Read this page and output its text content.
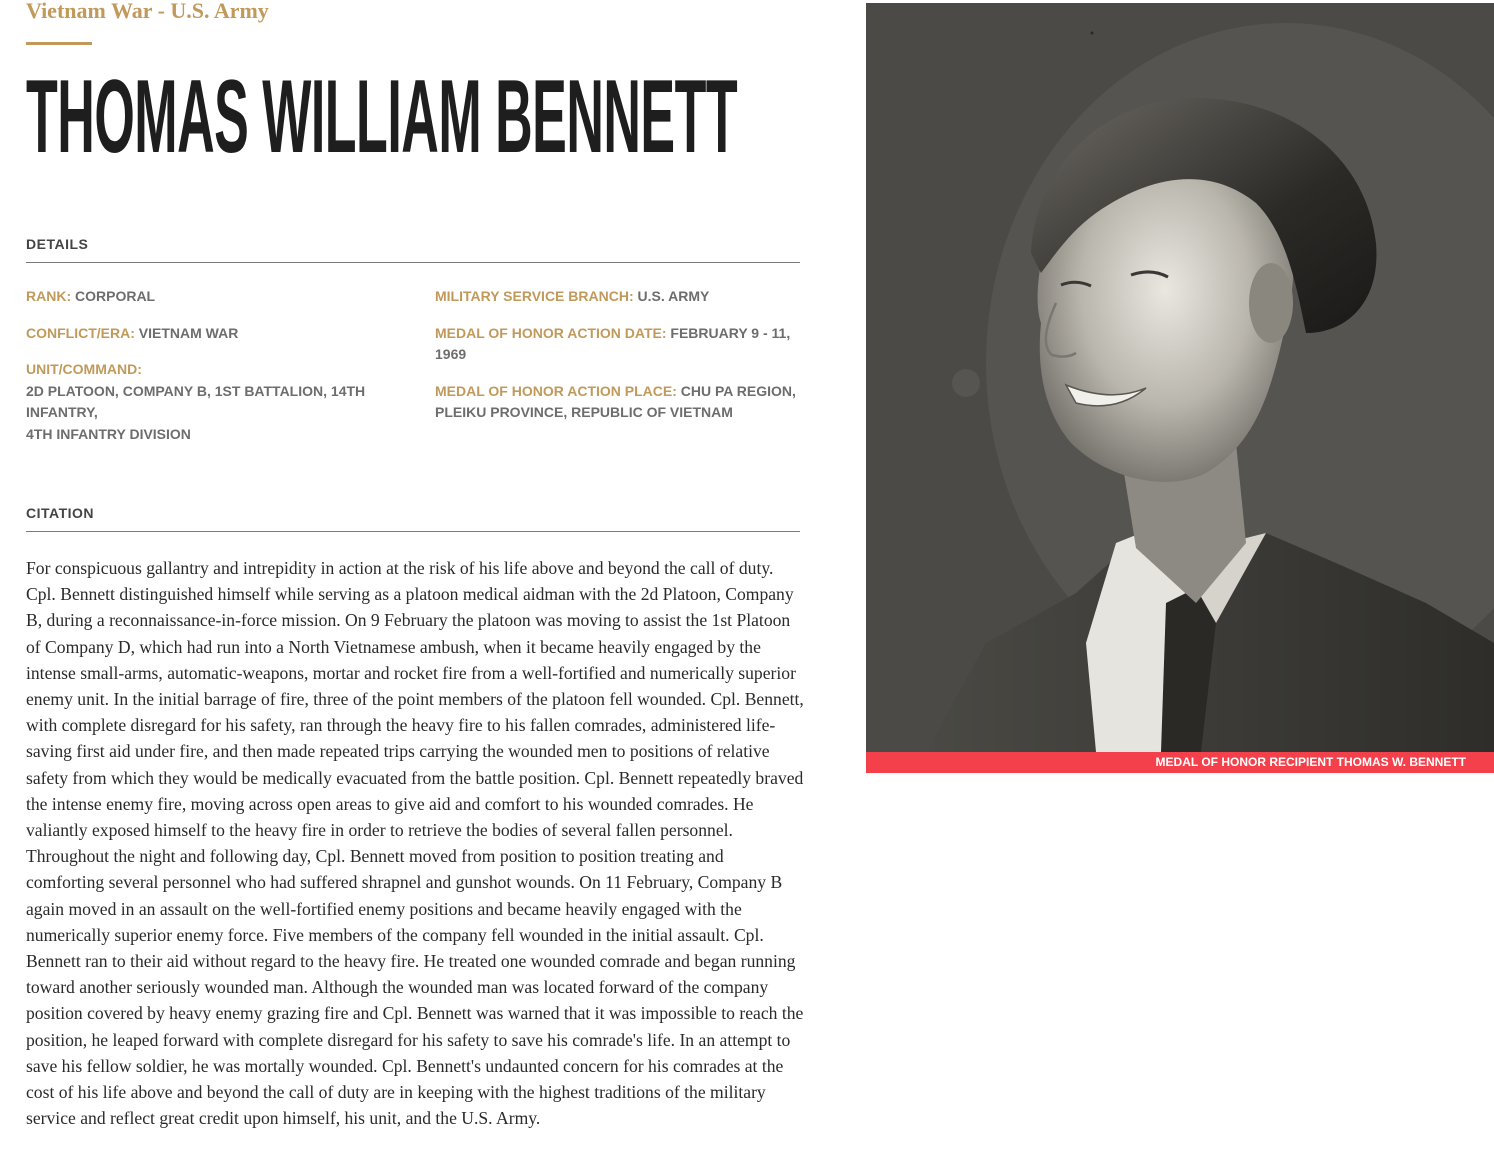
Vietnam War - U.S. Army
THOMAS WILLIAM BENNETT
DETAILS
RANK: CORPORAL
CONFLICT/ERA: VIETNAM WAR
UNIT/COMMAND:
2D PLATOON, COMPANY B, 1ST BATTALION, 14TH INFANTRY,
4TH INFANTRY DIVISION
MILITARY SERVICE BRANCH: U.S. ARMY
MEDAL OF HONOR ACTION DATE: FEBRUARY 9 - 11, 1969
MEDAL OF HONOR ACTION PLACE: CHU PA REGION, PLEIKU PROVINCE, REPUBLIC OF VIETNAM
CITATION

For conspicuous gallantry and intrepidity in action at the risk of his life above and beyond the call of duty. Cpl. Bennett distinguished himself while serving as a platoon medical aidman with the 2d Platoon, Company B, during a reconnaissance-in-force mission. On 9 February the platoon was moving to assist the 1st Platoon of Company D, which had run into a North Vietnamese ambush, when it became heavily engaged by the intense small-arms, automatic-weapons, mortar and rocket fire from a well-fortified and numerically superior enemy unit. In the initial barrage of fire, three of the point members of the platoon fell wounded. Cpl. Bennett, with complete disregard for his safety, ran through the heavy fire to his fallen comrades, administered life-saving first aid under fire, and then made repeated trips carrying the wounded men to positions of relative safety from which they would be medically evacuated from the battle position. Cpl. Bennett repeatedly braved the intense enemy fire, moving across open areas to give aid and comfort to his wounded comrades. He valiantly exposed himself to the heavy fire in order to retrieve the bodies of several fallen personnel. Throughout the night and following day, Cpl. Bennett moved from position to position treating and comforting several personnel who had suffered shrapnel and gunshot wounds. On 11 February, Company B again moved in an assault on the well-fortified enemy positions and became heavily engaged with the numerically superior enemy force. Five members of the company fell wounded in the initial assault. Cpl. Bennett ran to their aid without regard to the heavy fire. He treated one wounded comrade and began running toward another seriously wounded man. Although the wounded man was located forward of the company position covered by heavy enemy grazing fire and Cpl. Bennett was warned that it was impossible to reach the position, he leaped forward with complete disregard for his safety to save his comrade's life. In an attempt to save his fellow soldier, he was mortally wounded. Cpl. Bennett's undaunted concern for his comrades at the cost of his life above and beyond the call of duty are in keeping with the highest traditions of the military service and reflect great credit upon himself, his unit, and the U.S. Army.

MEDAL OF HONOR RECIPIENT THOMAS W. BENNETT
